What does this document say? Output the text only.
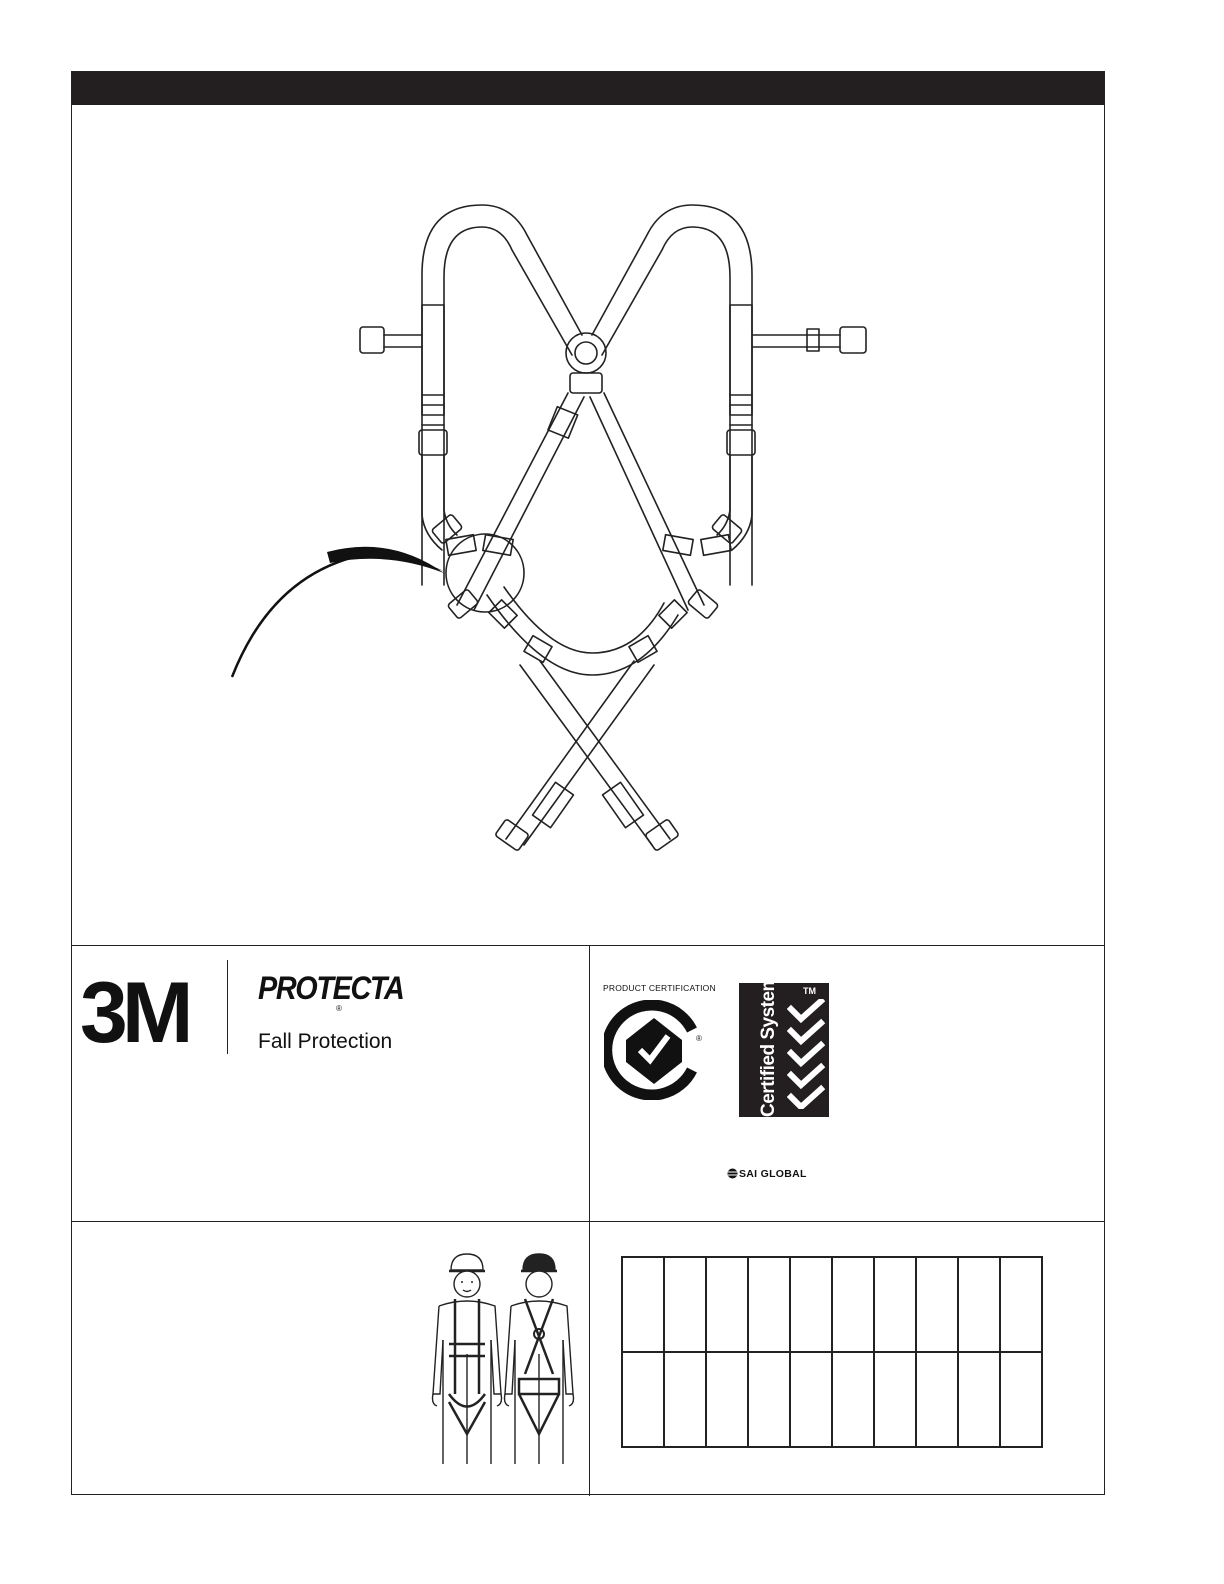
3M PROTECTA
®
Fall Protection
PRODUCT CERTIFICATION
®
TM
Certified System
SAI GLOBAL
